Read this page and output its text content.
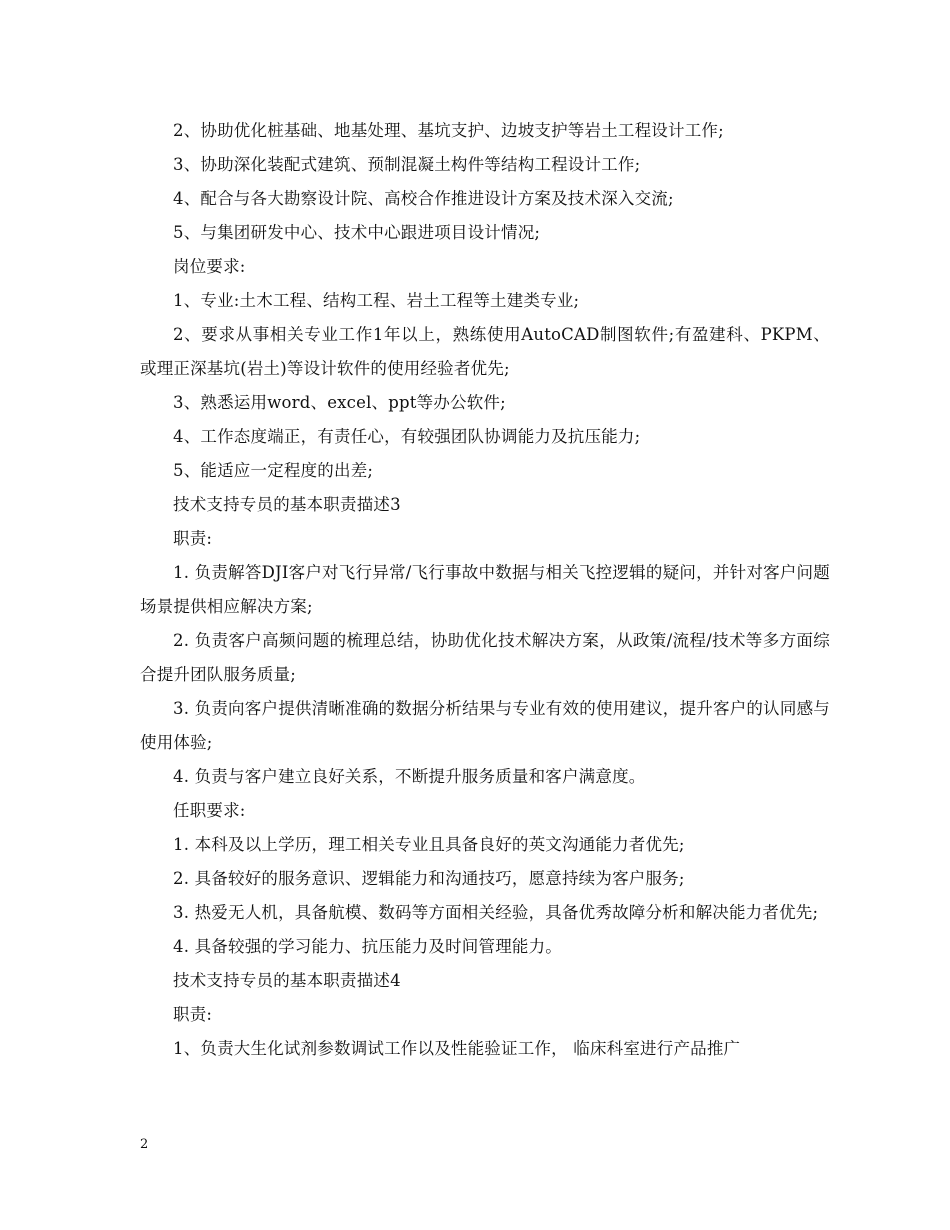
2、协助优化桩基础、地基处理、基坑支护、边坡支护等岩土工程设计工作;

3、协助深化装配式建筑、预制混凝土构件等结构工程设计工作;

4、配合与各大勘察设计院、高校合作推进设计方案及技术深入交流;

5、与集团研发中心、技术中心跟进项目设计情况;

岗位要求:

1、专业:土木工程、结构工程、岩土工程等土建类专业;

2、要求从事相关专业工作1年以上，熟练使用AutoCAD制图软件;有盈建科、PKPM、或理正深基坑(岩土)等设计软件的使用经验者优先;

3、熟悉运用word、excel、ppt等办公软件;

4、工作态度端正，有责任心，有较强团队协调能力及抗压能力;

5、能适应一定程度的出差;

技术支持专员的基本职责描述3

职责:

1. 负责解答DJI客户对飞行异常/飞行事故中数据与相关飞控逻辑的疑问，并针对客户问题场景提供相应解决方案;

2. 负责客户高频问题的梳理总结，协助优化技术解决方案，从政策/流程/技术等多方面综合提升团队服务质量;

3. 负责向客户提供清晰准确的数据分析结果与专业有效的使用建议，提升客户的认同感与使用体验;

4. 负责与客户建立良好关系，不断提升服务质量和客户满意度。

任职要求:

1. 本科及以上学历，理工相关专业且具备良好的英文沟通能力者优先;

2. 具备较好的服务意识、逻辑能力和沟通技巧，愿意持续为客户服务;

3. 热爱无人机，具备航模、数码等方面相关经验，具备优秀故障分析和解决能力者优先;

4. 具备较强的学习能力、抗压能力及时间管理能力。

技术支持专员的基本职责描述4

职责:

1、负责大生化试剂参数调试工作以及性能验证工作， 临床科室进行产品推广

2
